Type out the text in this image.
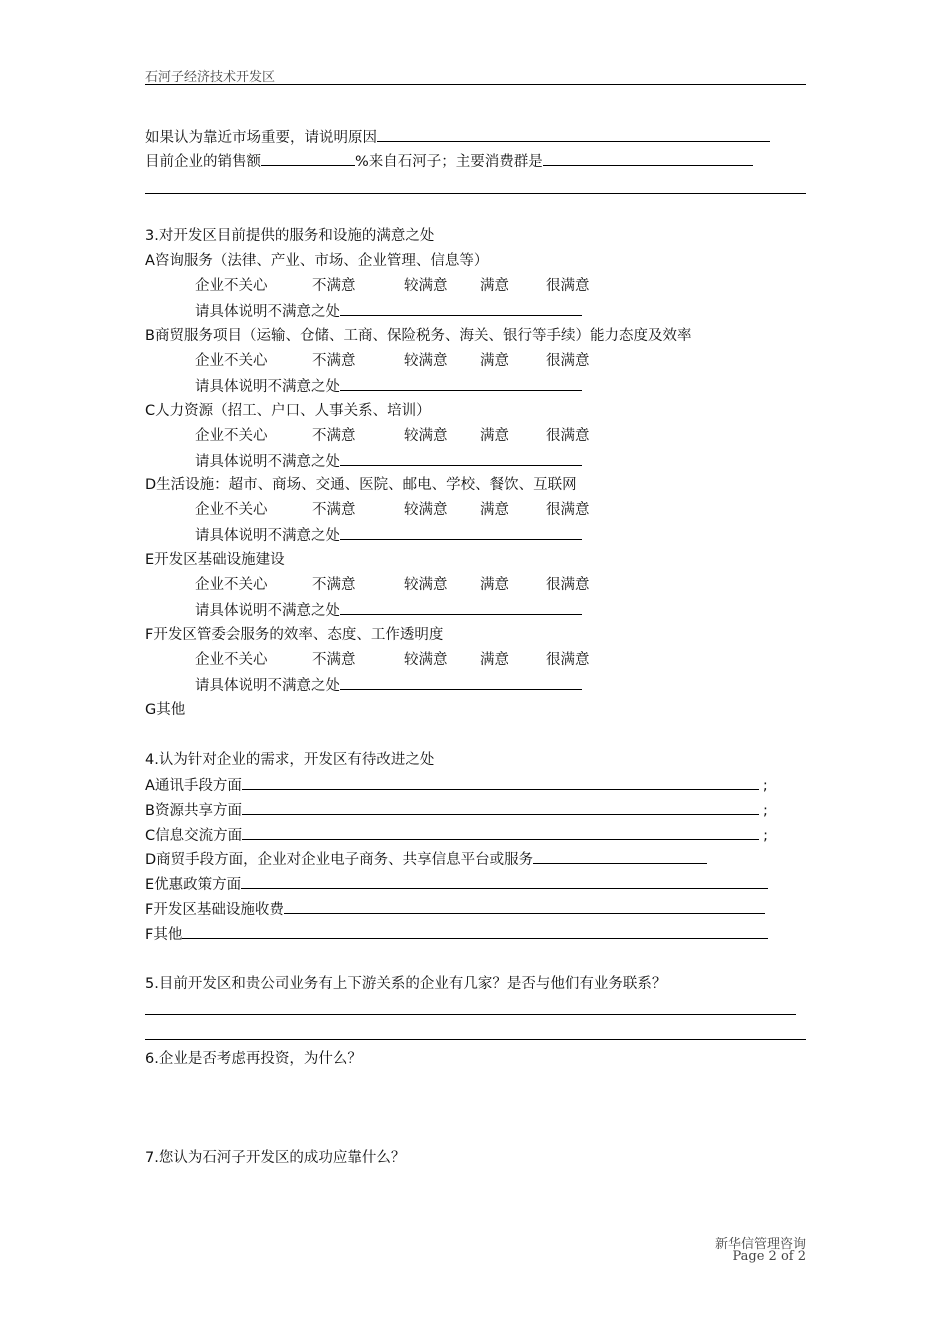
石河子经济技术开发区
如果认为靠近市场重要，请说明原因
目前企业的销售额	%来自石河子；主要消费群是
3.对开发区目前提供的服务和设施的满意之处
A咨询服务（法律、产业、市场、企业管理、信息等）
企业不关心	不满意	较满意 满意	很满意
请具体说明不满意之处
B商贸服务项目（运输、仓储、工商、保险税务、海关、银行等手续）能力态度及效率
企业不关心	不满意	较满意 满意	很满意
请具体说明不满意之处
C人力资源（招工、户口、人事关系、培训）
企业不关心	不满意	较满意 满意	很满意
请具体说明不满意之处
D生活设施：超市、商场、交通、医院、邮电、学校、餐饮、互联网
企业不关心	不满意	较满意 满意	很满意
请具体说明不满意之处
E开发区基础设施建设
企业不关心	不满意	较满意 满意	很满意
请具体说明不满意之处
F开发区管委会服务的效率、态度、工作透明度
企业不关心	不满意	较满意 满意	很满意
请具体说明不满意之处
G其他
4.认为针对企业的需求，开发区有待改进之处
A通讯手段方面	;
B资源共享方面	;
C信息交流方面	;
D商贸手段方面，企业对企业电子商务、共享信息平台或服务
E优惠政策方面
F开发区基础设施收费
F其他
5.目前开发区和贵公司业务有上下游关系的企业有几家？是否与他们有业务联系？
6.企业是否考虑再投资，为什么？
7.您认为石河子开发区的成功应靠什么？
新华信管理咨询
Page 2 of 2
